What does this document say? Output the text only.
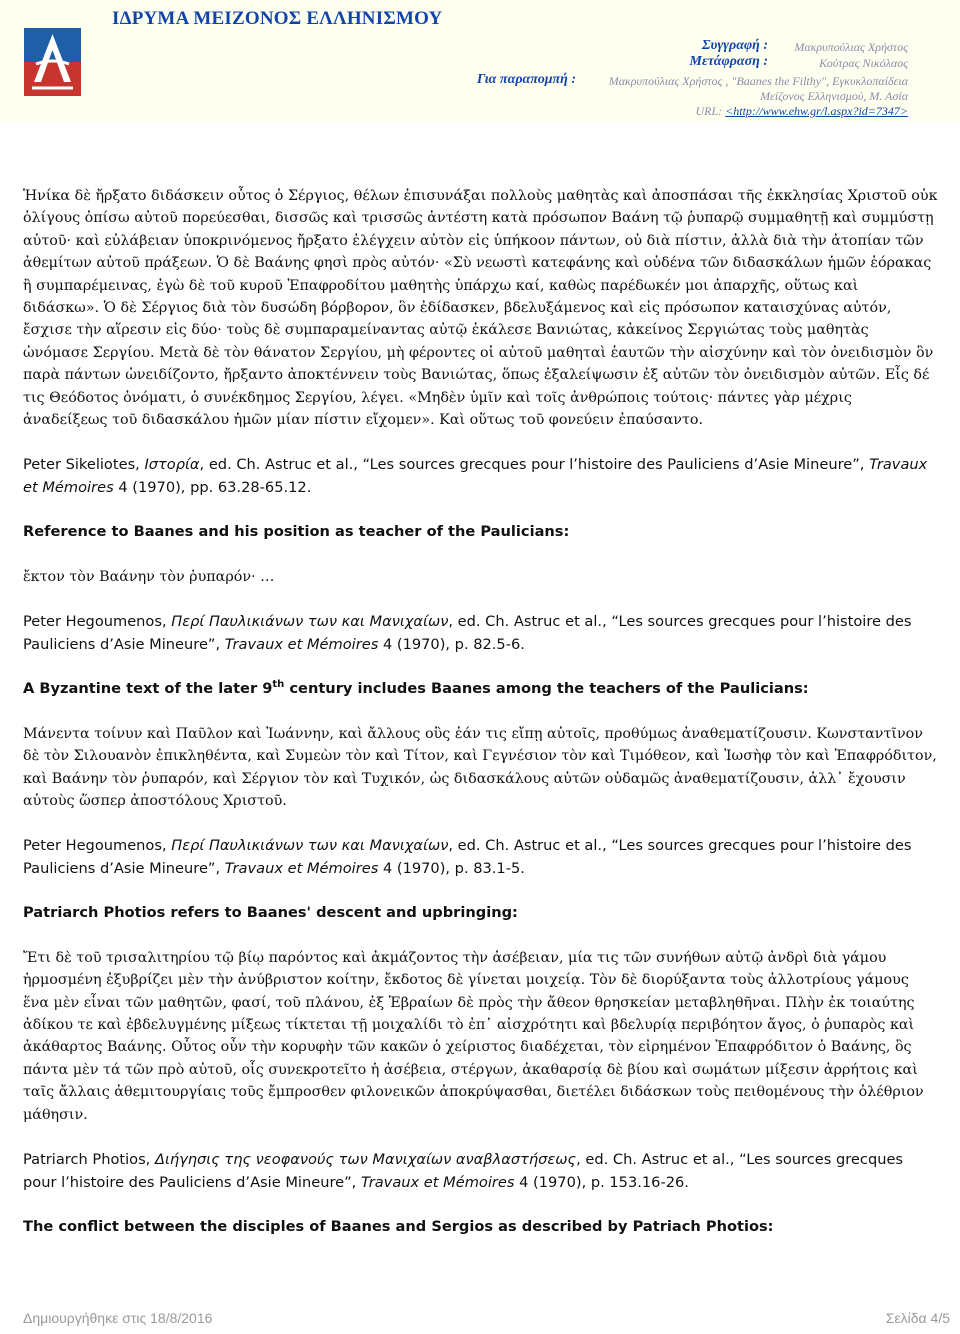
ΙΔΡΥΜΑ ΜΕΙΖΟΝΟΣ ΕΛΛΗΝΙΣΜΟΥ
Συγγραφή :	Μακρυπούλιας Χρήστος
Μετάφραση :	Κούτρας Νικόλαος
Για παραπομπή :	Μακρυπούλιας Χρήστος , "Baanes the Filthy", Εγκυκλοπαίδεια
Μείζονος Ελληνισμού, Μ. Ασία
URL: <http://www.ehw.gr/l.aspx?id=7347>

Ἡνίκα δὲ ἤρξατο διδάσκειν οὗτος ὁ Σέργιος, θέλων ἐπισυνάξαι πολλοὺς μαθητὰς καὶ ἀποσπάσαι τῆς ἐκκλησίας Χριστοῦ οὐκ ὀλίγους ὀπίσω αὐτοῦ πορεύεσθαι, δισσῶς καὶ τρισσῶς ἀντέστη κατὰ πρόσωπον Βαάνη τῷ ῥυπαρῷ συμμαθητῇ καὶ συμμύστῃ αὐτοῦ· καὶ εὐλάβειαν ὑποκρινόμενος ἤρξατο ἐλέγχειν αὐτὸν εἰς ὑπήκοον πάντων, οὐ διὰ πίστιν, ἀλλὰ διὰ τὴν ἀτοπίαν τῶν ἀθεμίτων αὐτοῦ πράξεων. Ὁ δὲ Βαάνης φησὶ πρὸς αὐτόν· «Σὺ νεωστὶ κατεφάνης καὶ οὐδένα τῶν διδασκάλων ἡμῶν ἑόρακας ἢ συμπαρέμεινας, ἐγὼ δὲ τοῦ κυροῦ Ἐπαφροδίτου μαθητὴς ὑπάρχω καί, καθὼς παρέδωκέν μοι ἀπαρχῆς, οὕτως καὶ διδάσκω». Ὁ δὲ Σέργιος διὰ τὸν δυσώδη βόρβορον, ὃν ἐδίδασκεν, βδελυξάμενος καὶ εἰς πρόσωπον καταισχύνας αὐτόν, ἔσχισε τὴν αἵρεσιν εἰς δύο· τοὺς δὲ συμπαραμείναντας αὐτῷ ἐκάλεσε Βανιώτας, κἀκείνος Σεργιώτας τοὺς μαθητὰς ὠνόμασε Σεργίου. Μετὰ δὲ τὸν θάνατον Σεργίου, μὴ φέροντες οἱ αὐτοῦ μαθηταὶ ἑαυτῶν τὴν αἰσχύνην καὶ τὸν ὀνειδισμὸν ὃν παρὰ πάντων ὠνειδίζοντο, ἤρξαντο ἀποκτέννειν τοὺς Βανιώτας, ὅπως ἐξαλείψωσιν ἐξ αὐτῶν τὸν ὀνειδισμὸν αὐτῶν. Εἷς δέ τις Θεόδοτος ὀνόματι, ὁ συνέκδημος Σεργίου, λέγει. «Μηδὲν ὑμῖν καὶ τοῖς ἀνθρώποις τούτοις· πάντες γὰρ μέχρις ἀναδείξεως τοῦ διδασκάλου ἡμῶν μίαν πίστιν εἴχομεν». Καὶ οὕτως τοῦ φονεύειν ἐπαύσαντο.

Peter Sikeliotes, Ιστορία, ed. Ch. Astruc et al., “Les sources grecques pour l’histoire des Pauliciens d’Asie Mineure”, Travaux et Mémoires 4 (1970), pp. 63.28-65.12.

Reference to Baanes and his position as teacher of the Paulicians:

ἔκτον τὸν Βαάνην τὸν ῥυπαρόν· …

Peter Hegoumenos, Περί Παυλικιάνων των και Μανιχαίων, ed. Ch. Astruc et al., “Les sources grecques pour l’histoire des Pauliciens d’Asie Mineure”, Travaux et Mémoires 4 (1970), p. 82.5-6.

A Byzantine text of the later 9th century includes Baanes among the teachers of the Paulicians:

Μάνεντα τοίνυν καὶ Παῦλον καὶ Ἰωάννην, καὶ ἄλλους οὓς ἐάν τις εἴπῃ αὐτοῖς, προθύμως ἀναθεματίζουσιν. Κωνσταντῖνον δὲ τὸν Σιλουανὸν ἐπικληθέντα, καὶ Συμεὼν τὸν καὶ Τίτον, καὶ Γεγνέσιον τὸν καὶ Τιμόθεον, καὶ Ἰωσὴφ τὸν καὶ Ἐπαφρόδιτον, καὶ Βαάνην τὸν ῥυπαρόν, καὶ Σέργιον τὸν καὶ Τυχικόν, ὡς διδασκάλους αὐτῶν οὐδαμῶς ἀναθεματίζουσιν, ἀλλ᾽ ἔχουσιν αὐτοὺς ὥσπερ ἀποστόλους Χριστοῦ.

Peter Hegoumenos, Περί Παυλικιάνων των και Μανιχαίων, ed. Ch. Astruc et al., “Les sources grecques pour l’histoire des Pauliciens d’Asie Mineure”, Travaux et Mémoires 4 (1970), p. 83.1-5.

Patriarch Photios refers to Baanes' descent and upbringing:

Ἔτι δὲ τοῦ τρισαλιτηρίου τῷ βίῳ παρόντος καὶ ἀκμάζοντος τὴν ἀσέβειαν, μία τις τῶν συνήθων αὐτῷ ἀνδρὶ διὰ γάμου ἡρμοσμένη ἐξυβρίζει μὲν τὴν ἀνύβριστον κοίτην, ἔκδοτος δὲ γίνεται μοιχείᾳ. Τὸν δὲ διορύξαντα τοὺς ἀλλοτρίους γάμους ἕνα μὲν εἶναι τῶν μαθητῶν, φασί, τοῦ πλάνου, ἐξ Ἑβραίων δὲ πρὸς τὴν ἄθεον θρησκείαν μεταβληθῆναι. Πλὴν ἐκ τοιαύτης ἀδίκου τε καὶ ἐβδελυγμένης μίξεως τίκτεται τῇ μοιχαλίδι τὸ ἐπ᾽ αἰσχρότητι καὶ βδελυρίᾳ περιβόητον ἄγος, ὁ ῥυπαρὸς καὶ ἀκάθαρτος Βαάνης. Οὗτος οὖν τὴν κορυφὴν τῶν κακῶν ὁ χείριστος διαδέχεται, τὸν εἰρημένον Ἐπαφρόδιτον ὁ Βαάνης, ὃς πάντα μὲν τά τῶν πρὸ αὐτοῦ, οἷς συνεκροτεῖτο ἡ ἀσέβεια, στέργων, ἀκαθαρσίᾳ δὲ βίου καὶ σωμάτων μίξεσιν ἀρρήτοις καὶ ταῖς ἄλλαις ἀθεμιτουργίαις τοῦς ἔμπροσθεν φιλονεικῶν ἀποκρύψασθαι, διετέλει διδάσκων τοὺς πειθομένους τὴν ὀλέθριον μάθησιν.

Patriarch Photios, Διήγησις της νεοφανούς των Μανιχαίων αναβλαστήσεως, ed. Ch. Astruc et al., “Les sources grecques pour l’histoire des Pauliciens d’Asie Mineure”, Travaux et Mémoires 4 (1970), p. 153.16-26.

The conflict between the disciples of Baanes and Sergios as described by Patriach Photios:

Δημιουργήθηκε στις 18/8/2016	Σελίδα 4/5
